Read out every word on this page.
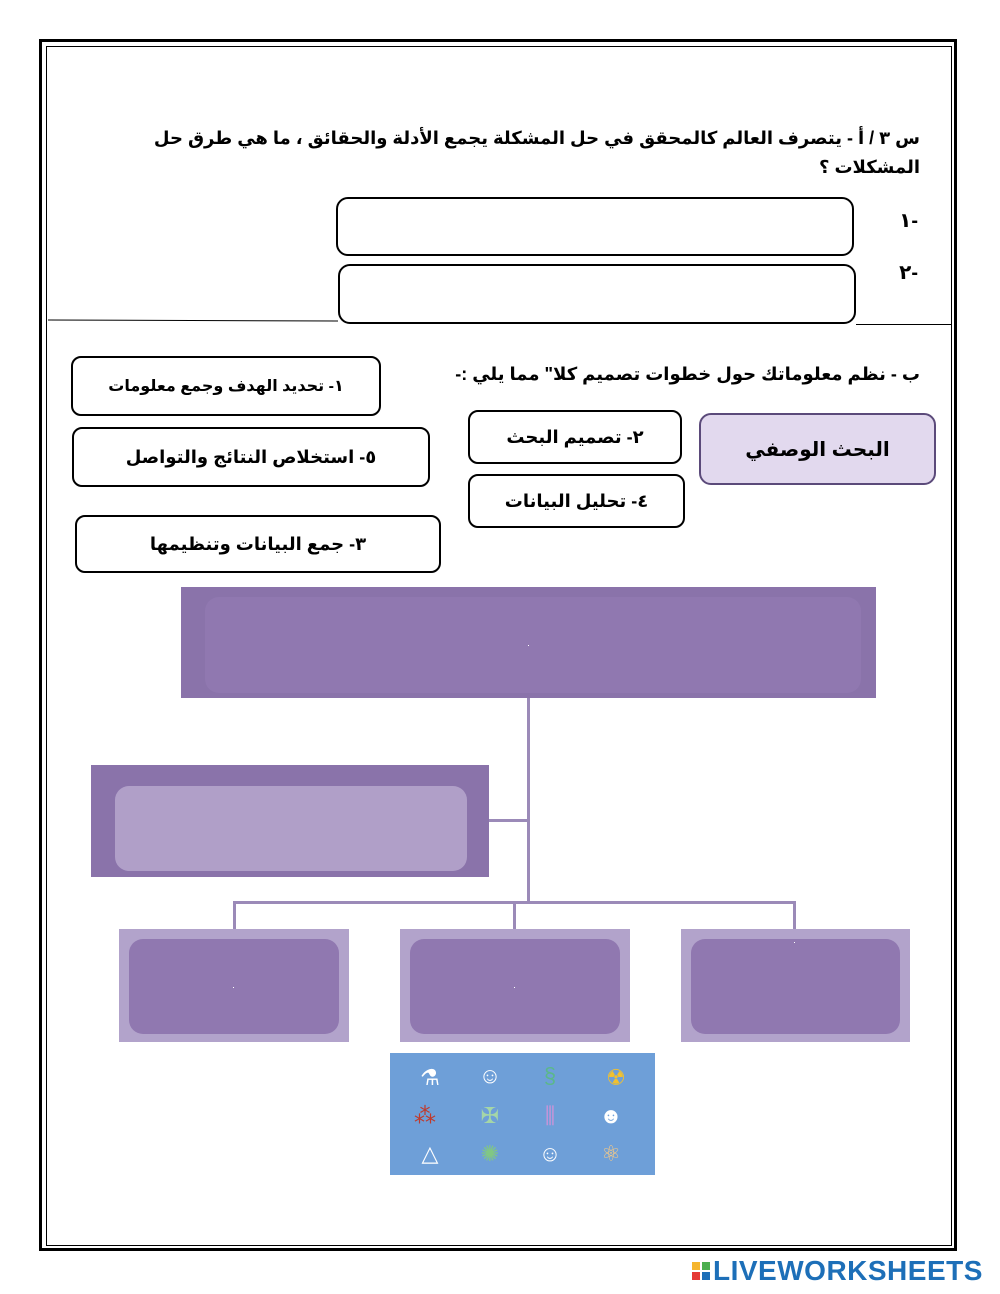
س ٣ / أ - يتصرف العالم كالمحقق في حل المشكلة يجمع الأدلة والحقائق ، ما هي طرق حل المشكلات ؟
-١
-٢
ب - نظم معلوماتك حول خطوات تصميم كلا" مما يلي :-
١- تحديد الهدف وجمع معلومات
٢- تصميم البحث
٣- جمع البيانات وتنظيمها
٤- تحليل البيانات
٥- استخلاص النتائج والتواصل	البحث الوصفي
⚗ ☺	§	☢
⁂ ✠	⫼	☻
△ ✺ ☺ ⚛
LIVEWORKSHEETS
